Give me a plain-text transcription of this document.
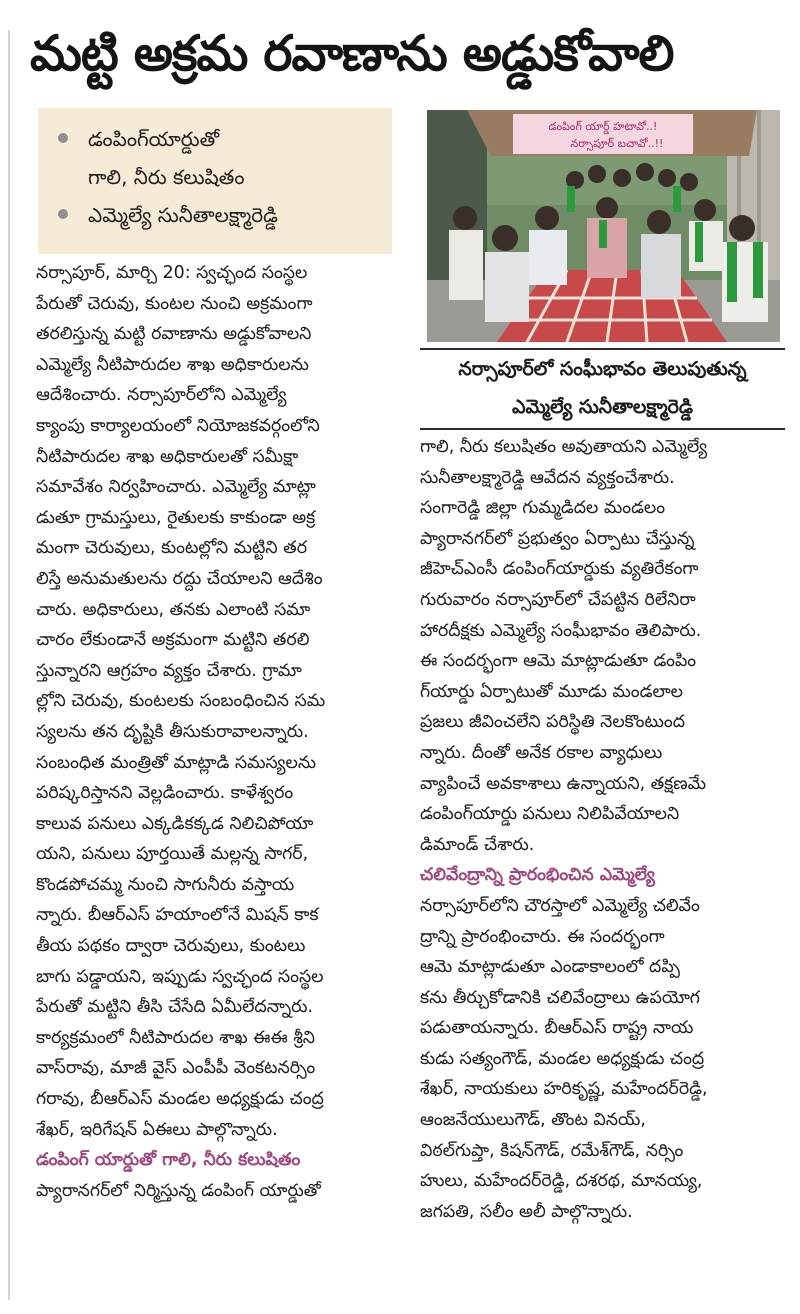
మట్టి అక్రమ రవాణాను అడ్డుకోవాలి
డంపింగ్‌యార్డుతో
గాలి, నీరు కలుషితం
ఎమ్మెల్యే సునీతాలక్ష్మారెడ్డి
డంపింగ్ యార్డ్ హటావో..!
నర్సాపూర్ బచావో..!!
నర్సాపూర్‌లో సంఘీభావం తెలుపుతున్న
ఎమ్మెల్యే సునీతాలక్ష్మారెడ్డి
నర్సాపూర్, మార్చి 20: స్వచ్ఛంద సంస్థల
పేరుతో చెరువు, కుంటల నుంచి అక్రమంగా
తరలిస్తున్న మట్టి రవాణాను అడ్డుకోవాలని
ఎమ్మెల్యే నీటిపారుదల శాఖ అధికారులను
ఆదేశించారు. నర్సాపూర్‌లోని ఎమ్మెల్యే
క్యాంపు కార్యాలయంలో నియోజకవర్గంలోని
నీటిపారుదల శాఖ అధికారులతో సమీక్షా
సమావేశం నిర్వహించారు. ఎమ్మెల్యే మాట్లా
డుతూ గ్రామస్తులు, రైతులకు కాకుండా అక్ర
మంగా చెరువులు, కుంటల్లోని మట్టిని తర
లిస్తే అనుమతులను రద్దు చేయాలని ఆదేశిం
చారు. అధికారులు, తనకు ఎలాంటి సమా
చారం లేకుండానే అక్రమంగా మట్టిని తరలి
స్తున్నారని ఆగ్రహం వ్యక్తం చేశారు. గ్రామా
ల్లోని చెరువు, కుంటలకు సంబంధించిన సమ
స్యలను తన దృష్టికి తీసుకురావాలన్నారు.
సంబంధిత మంత్రితో మాట్లాడి సమస్యలను
పరిష్కరిస్తానని వెల్లడించారు. కాళేశ్వరం
కాలువ పనులు ఎక్కడికక్కడ నిలిచిపోయా
యని, పనులు పూర్తయితే మల్లన్న సాగర్,
కొండపోచమ్మ నుంచి సాగునీరు వస్తాయ
న్నారు. బీఆర్‌ఎస్ హయాంలోనే మిషన్ కాక
తీయ పథకం ద్వారా చెరువులు, కుంటలు
బాగు పడ్డాయని, ఇప్పుడు స్వచ్ఛంద సంస్థల
పేరుతో మట్టిని తీసి చేసేది ఏమీలేదన్నారు.
కార్యక్రమంలో నీటిపారుదల శాఖ ఈఈ శ్రీని
వాస్‌రావు, మాజీ వైస్ ఎంపీపీ వెంకటనర్సిం
గరావు, బీఆర్‌ఎస్ మండల అధ్యక్షుడు చంద్ర
శేఖర్, ఇరిగేషన్ ఏఈలు పాల్గొన్నారు.
డంపింగ్ యార్డుతో గాలి, నీరు కలుషితం
ప్యారానగర్‌లో నిర్మిస్తున్న డంపింగ్ యార్డుతో
గాలి, నీరు కలుషితం అవుతాయని ఎమ్మెల్యే
సునీతాలక్ష్మారెడ్డి ఆవేదన వ్యక్తంచేశారు.
సంగారెడ్డి జిల్లా గుమ్మడిదల మండలం
ప్యారానగర్‌లో ప్రభుత్వం ఏర్పాటు చేస్తున్న
జీహెచ్‌ఎంసీ డంపింగ్‌యార్డుకు వ్యతిరేకంగా
గురువారం నర్సాపూర్‌లో చేపట్టిన రిలేనిరా
హారదీక్షకు ఎమ్మెల్యే సంఘీభావం తెలిపారు.
ఈ సందర్భంగా ఆమె మాట్లాడుతూ డంపిం
గ్‌యార్డు ఏర్పాటుతో మూడు మండలాల
ప్రజలు జీవించలేని పరిస్థితి నెలకొంటుంద
న్నారు. దీంతో అనేక రకాల వ్యాధులు
వ్యాపించే అవకాశాలు ఉన్నాయని, తక్షణమే
డంపింగ్‌యార్డు పనులు నిలిపివేయాలని
డిమాండ్ చేశారు.
చలివేంద్రాన్ని ప్రారంభించిన ఎమ్మెల్యే
నర్సాపూర్‌లోని చౌరస్తాలో ఎమ్మెల్యే చలివేం
ద్రాన్ని ప్రారంభించారు. ఈ సందర్భంగా
ఆమె మాట్లాడుతూ ఎండాకాలంలో దప్పి
కను తీర్చుకోడానికి చలివేంద్రాలు ఉపయోగ
పడుతాయన్నారు. బీఆర్‌ఎస్ రాష్ట్ర నాయ
కుడు సత్యంగౌడ్, మండల అధ్యక్షుడు చంద్ర
శేఖర్, నాయకులు హరికృష్ణ, మహేందర్‌రెడ్డి,
ఆంజనేయులుగౌడ్, తొంట వినయ్,
విఠల్‌గుప్తా, కిషన్‌గౌడ్, రమేశ్‌గౌడ్, నర్సిం
హులు, మహేందర్‌రెడ్డి, దశరథ, మానయ్య,
జగపతి, సలీం అలీ పాల్గొన్నారు.
